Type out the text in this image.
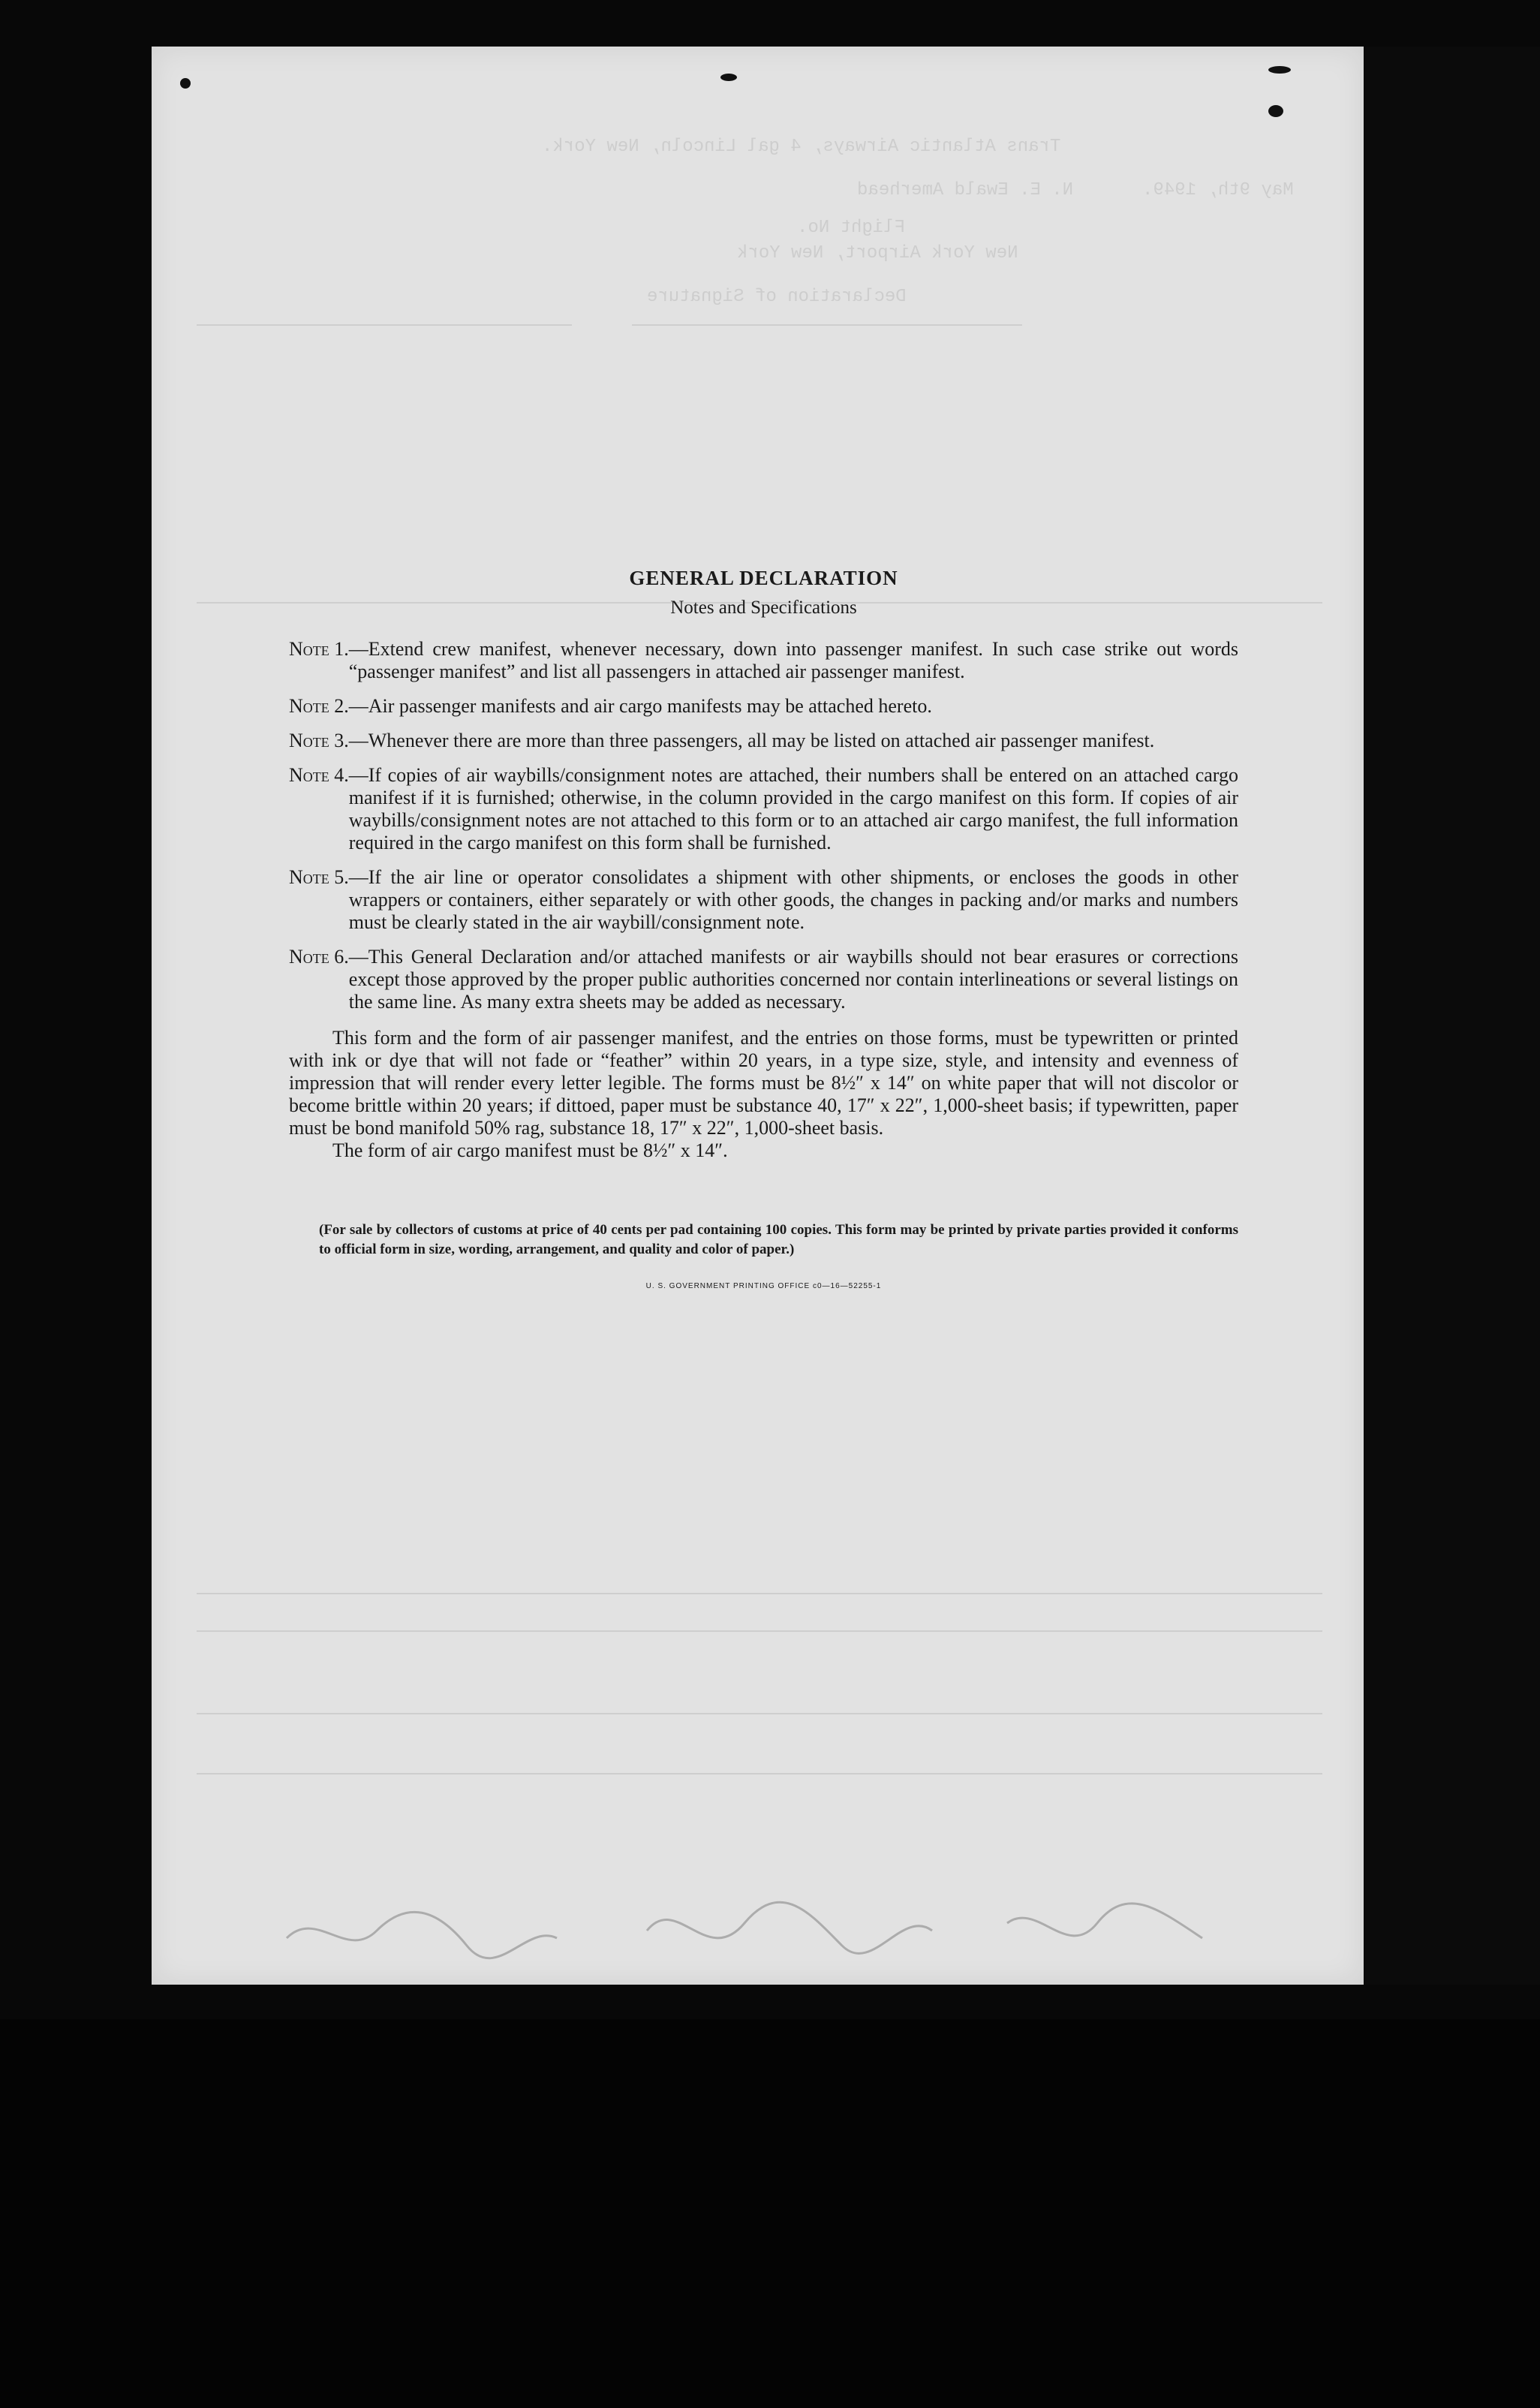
Trans Atlantic Airways, 4 gal Lincoln, New York.
N. E. Ewald Amerhead	May 9th, 1949.
Flight No.
New York Airport, New York
Declaration of Signature
GENERAL DECLARATION
Notes and Specifications
Note 1. —Extend crew manifest, whenever necessary, down into passenger manifest. In such case strike out words “passenger manifest” and list all passengers in attached air passenger manifest.
Note 2. —Air passenger manifests and air cargo manifests may be attached hereto.
Note 3. —Whenever there are more than three passengers, all may be listed on attached air passenger manifest.
Note 4. —If copies of air waybills/consignment notes are attached, their numbers shall be entered on an attached cargo manifest if it is furnished; otherwise, in the column provided in the cargo manifest on this form. If copies of air waybills/consignment notes are not attached to this form or to an attached air cargo manifest, the full information required in the cargo manifest on this form shall be furnished.
Note 5. —If the air line or operator consolidates a shipment with other shipments, or encloses the goods in other wrappers or containers, either separately or with other goods, the changes in packing and/or marks and numbers must be clearly stated in the air waybill/consignment note.
Note 6. —This General Declaration and/or attached manifests or air waybills should not bear erasures or corrections except those approved by the proper public authorities concerned nor contain interlineations or several listings on the same line. As many extra sheets may be added as necessary.
This form and the form of air passenger manifest, and the entries on those forms, must be typewritten or printed with ink or dye that will not fade or “feather” within 20 years, in a type size, style, and intensity and evenness of impression that will render every letter legible. The forms must be 8½″ x 14″ on white paper that will not discolor or become brittle within 20 years; if dittoed, paper must be substance 40, 17″ x 22″, 1,000-sheet basis; if typewritten, paper must be bond manifold 50% rag, substance 18, 17″ x 22″, 1,000-sheet basis.
The form of air cargo manifest must be 8½″ x 14″.
(For sale by collectors of customs at price of 40 cents per pad containing 100 copies. This form may be printed by private parties provided it conforms to official form in size, wording, arrangement, and quality and color of paper.)
U. S. GOVERNMENT PRINTING OFFICE c0—16—52255-1
